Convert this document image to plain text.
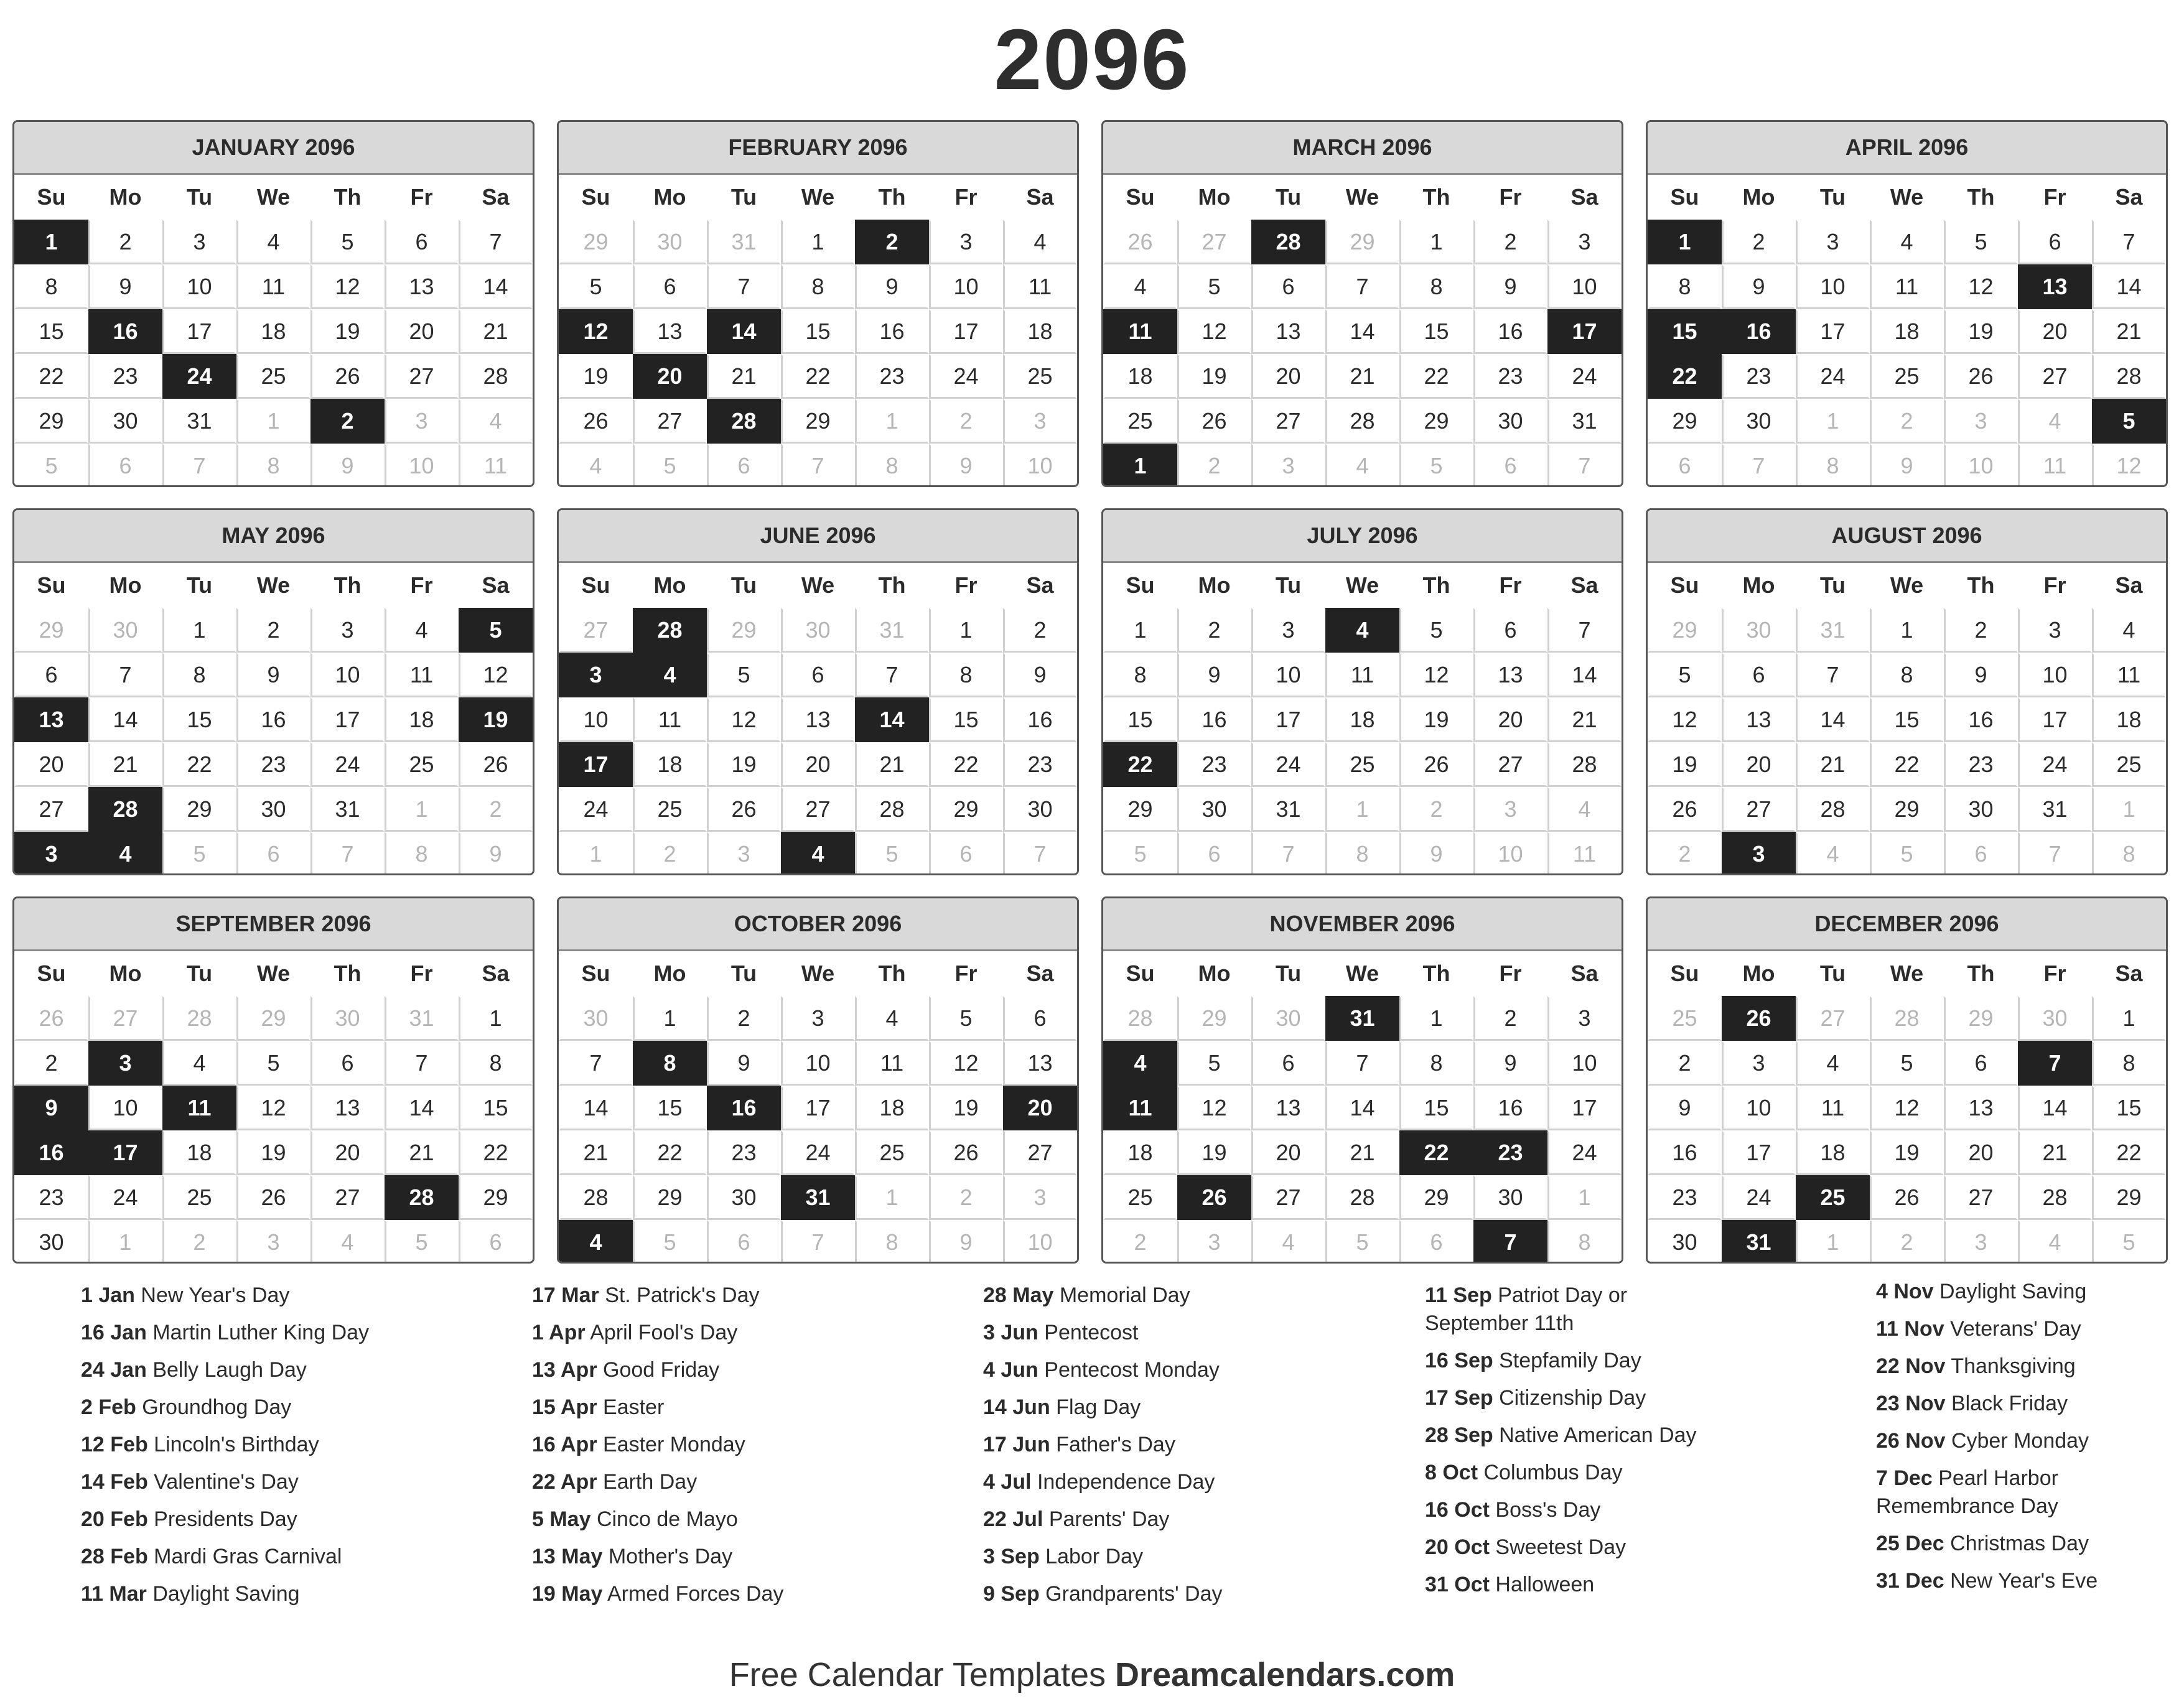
2096
JANUARY 2096
Su	Mo	Tu	We	Th	Fr	Sa
1	2	3	4	5	6	7
8	9	10	11	12	13	14
15	16	17	18	19	20	21
22	23	24	25	26	27	28
29	30	31	1	2	3	4
5	6	7	8	9	10	11
FEBRUARY 2096
Su	Mo	Tu	We	Th	Fr	Sa
29	30	31	1	2	3	4
5	6	7	8	9	10	11
12	13	14	15	16	17	18
19	20	21	22	23	24	25
26	27	28	29	1	2	3
4	5	6	7	8	9	10
MARCH 2096
Su	Mo	Tu	We	Th	Fr	Sa
26	27	28	29	1	2	3
4	5	6	7	8	9	10
11	12	13	14	15	16	17
18	19	20	21	22	23	24
25	26	27	28	29	30	31
1	2	3	4	5	6	7
APRIL 2096
Su	Mo	Tu	We	Th	Fr	Sa
1	2	3	4	5	6	7
8	9	10	11	12	13	14
15	16	17	18	19	20	21
22	23	24	25	26	27	28
29	30	1	2	3	4	5
6	7	8	9	10	11	12
MAY 2096
Su	Mo	Tu	We	Th	Fr	Sa
29	30	1	2	3	4	5
6	7	8	9	10	11	12
13	14	15	16	17	18	19
20	21	22	23	24	25	26
27	28	29	30	31	1	2
3	4	5	6	7	8	9
JUNE 2096
Su	Mo	Tu	We	Th	Fr	Sa
27	28	29	30	31	1	2
3	4	5	6	7	8	9
10	11	12	13	14	15	16
17	18	19	20	21	22	23
24	25	26	27	28	29	30
1	2	3	4	5	6	7
JULY 2096
Su	Mo	Tu	We	Th	Fr	Sa
1	2	3	4	5	6	7
8	9	10	11	12	13	14
15	16	17	18	19	20	21
22	23	24	25	26	27	28
29	30	31	1	2	3	4
5	6	7	8	9	10	11
AUGUST 2096
Su	Mo	Tu	We	Th	Fr	Sa
29	30	31	1	2	3	4
5	6	7	8	9	10	11
12	13	14	15	16	17	18
19	20	21	22	23	24	25
26	27	28	29	30	31	1
2	3	4	5	6	7	8
SEPTEMBER 2096
Su	Mo	Tu	We	Th	Fr	Sa
26	27	28	29	30	31	1
2	3	4	5	6	7	8
9	10	11	12	13	14	15
16	17	18	19	20	21	22
23	24	25	26	27	28	29
30	1	2	3	4	5	6
OCTOBER 2096
Su	Mo	Tu	We	Th	Fr	Sa
30	1	2	3	4	5	6
7	8	9	10	11	12	13
14	15	16	17	18	19	20
21	22	23	24	25	26	27
28	29	30	31	1	2	3
4	5	6	7	8	9	10
NOVEMBER 2096
Su	Mo	Tu	We	Th	Fr	Sa
28	29	30	31	1	2	3
4	5	6	7	8	9	10
11	12	13	14	15	16	17
18	19	20	21	22	23	24
25	26	27	28	29	30	1
2	3	4	5	6	7	8
DECEMBER 2096
Su	Mo	Tu	We	Th	Fr	Sa
25	26	27	28	29	30	1
2	3	4	5	6	7	8
9	10	11	12	13	14	15
16	17	18	19	20	21	22
23	24	25	26	27	28	29
30	31	1	2	3	4	5
1 Jan New Year's Day
16 Jan Martin Luther King Day
24 Jan Belly Laugh Day
2 Feb Groundhog Day
12 Feb Lincoln's Birthday
14 Feb Valentine's Day
20 Feb Presidents Day
28 Feb Mardi Gras Carnival
11 Mar Daylight Saving
17 Mar St. Patrick's Day
1 Apr April Fool's Day
13 Apr Good Friday
15 Apr Easter
16 Apr Easter Monday
22 Apr Earth Day
5 May Cinco de Mayo
13 May Mother's Day
19 May Armed Forces Day
28 May Memorial Day
3 Jun Pentecost
4 Jun Pentecost Monday
14 Jun Flag Day
17 Jun Father's Day
4 Jul Independence Day
22 Jul Parents' Day
3 Sep Labor Day
9 Sep Grandparents' Day
11 Sep Patriot Day or September 11th
16 Sep Stepfamily Day
17 Sep Citizenship Day
28 Sep Native American Day
8 Oct Columbus Day
16 Oct Boss's Day
20 Oct Sweetest Day
31 Oct Halloween
4 Nov Daylight Saving
11 Nov Veterans' Day
22 Nov Thanksgiving
23 Nov Black Friday
26 Nov Cyber Monday
7 Dec Pearl Harbor Remembrance Day
25 Dec Christmas Day
31 Dec New Year's Eve
Free Calendar Templates Dreamcalendars.com
